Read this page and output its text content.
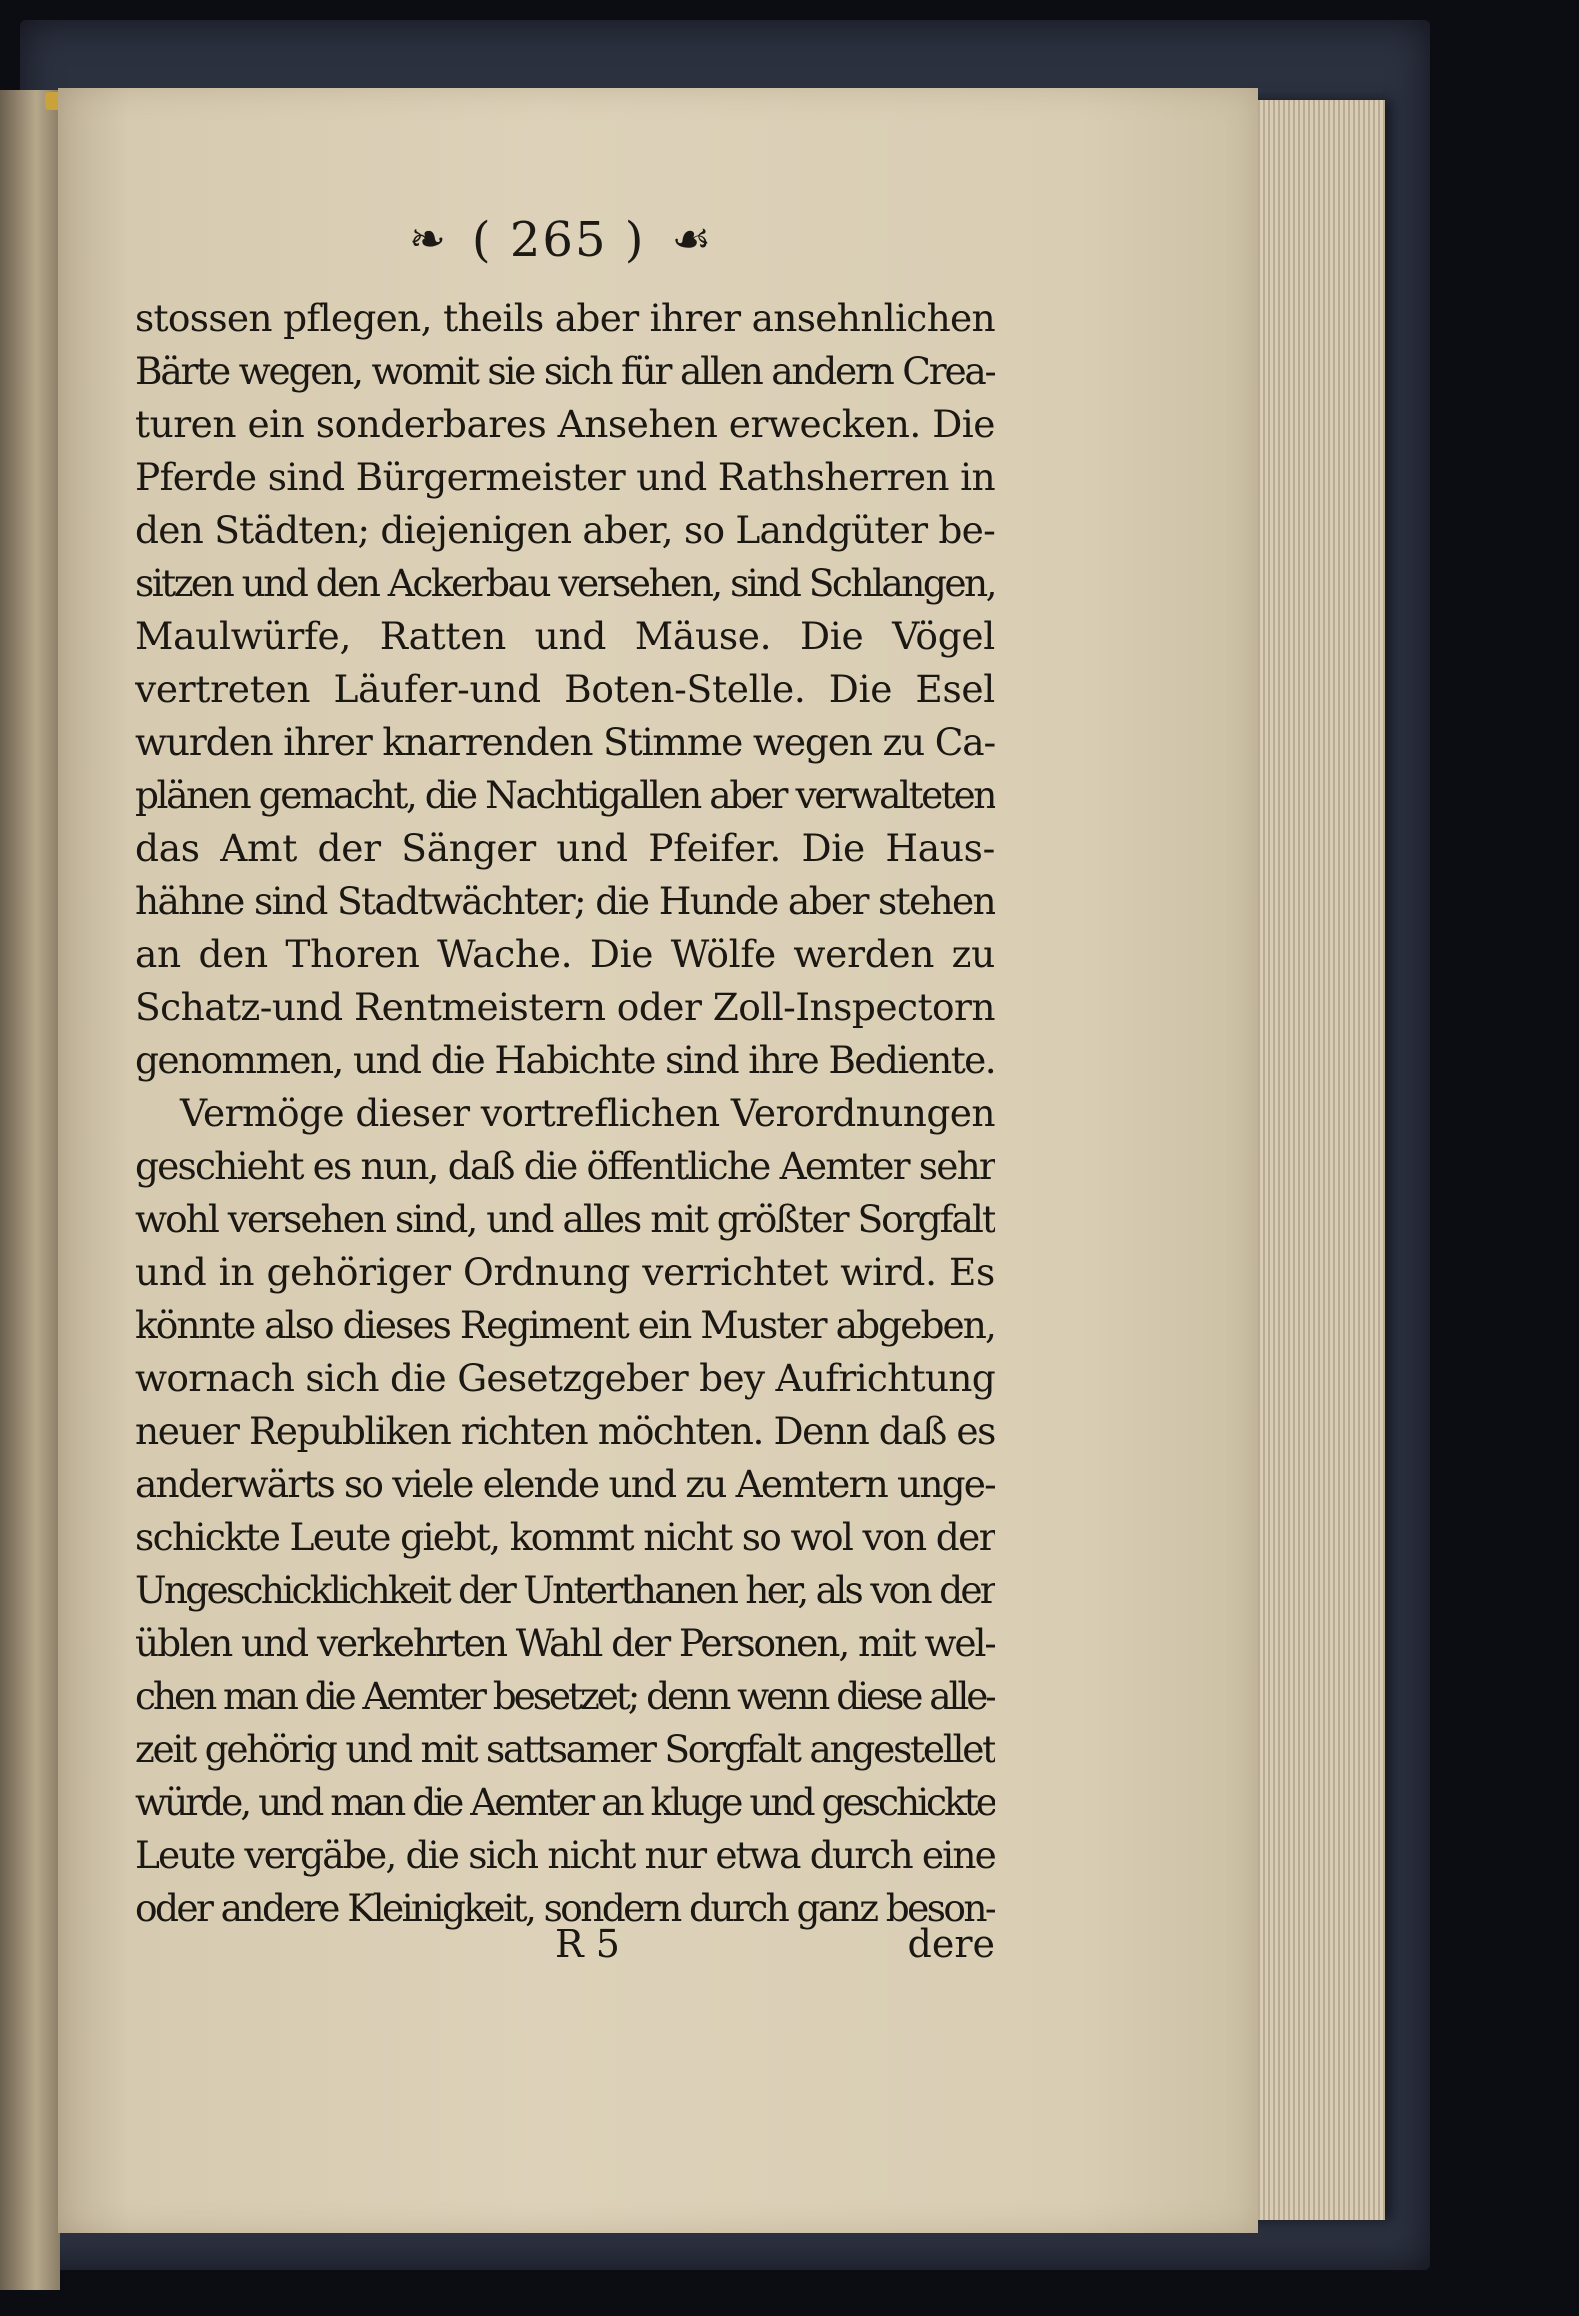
❧ ( 265 ) ☙
stossen pflegen, theils aber ihrer ansehnlichen
Bärte wegen, womit sie sich für allen andern Crea-
turen ein sonderbares Ansehen erwecken. Die
Pferde sind Bürgermeister und Rathsherren in
den Städten; diejenigen aber, so Landgüter be-
sitzen und den Ackerbau versehen, sind Schlangen,
Maulwürfe, Ratten und Mäuse. Die Vögel
vertreten Läufer-und Boten-Stelle. Die Esel
wurden ihrer knarrenden Stimme wegen zu Ca-
plänen gemacht, die Nachtigallen aber verwalteten
das Amt der Sänger und Pfeifer. Die Haus-
hähne sind Stadtwächter; die Hunde aber stehen
an den Thoren Wache. Die Wölfe werden zu
Schatz-und Rentmeistern oder Zoll-Inspectorn
genommen, und die Habichte sind ihre Bediente.
Vermöge dieser vortreflichen Verordnungen
geschieht es nun, daß die öffentliche Aemter sehr
wohl versehen sind, und alles mit größter Sorgfalt
und in gehöriger Ordnung verrichtet wird. Es
könnte also dieses Regiment ein Muster abgeben,
wornach sich die Gesetzgeber bey Aufrichtung
neuer Republiken richten möchten. Denn daß es
anderwärts so viele elende und zu Aemtern unge-
schickte Leute giebt, kommt nicht so wol von der
Ungeschicklichkeit der Unterthanen her, als von der
üblen und verkehrten Wahl der Personen, mit wel-
chen man die Aemter besetzet; denn wenn diese alle-
zeit gehörig und mit sattsamer Sorgfalt angestellet
würde, und man die Aemter an kluge und geschickte
Leute vergäbe, die sich nicht nur etwa durch eine
oder andere Kleinigkeit, sondern durch ganz beson-
R 5	dere
